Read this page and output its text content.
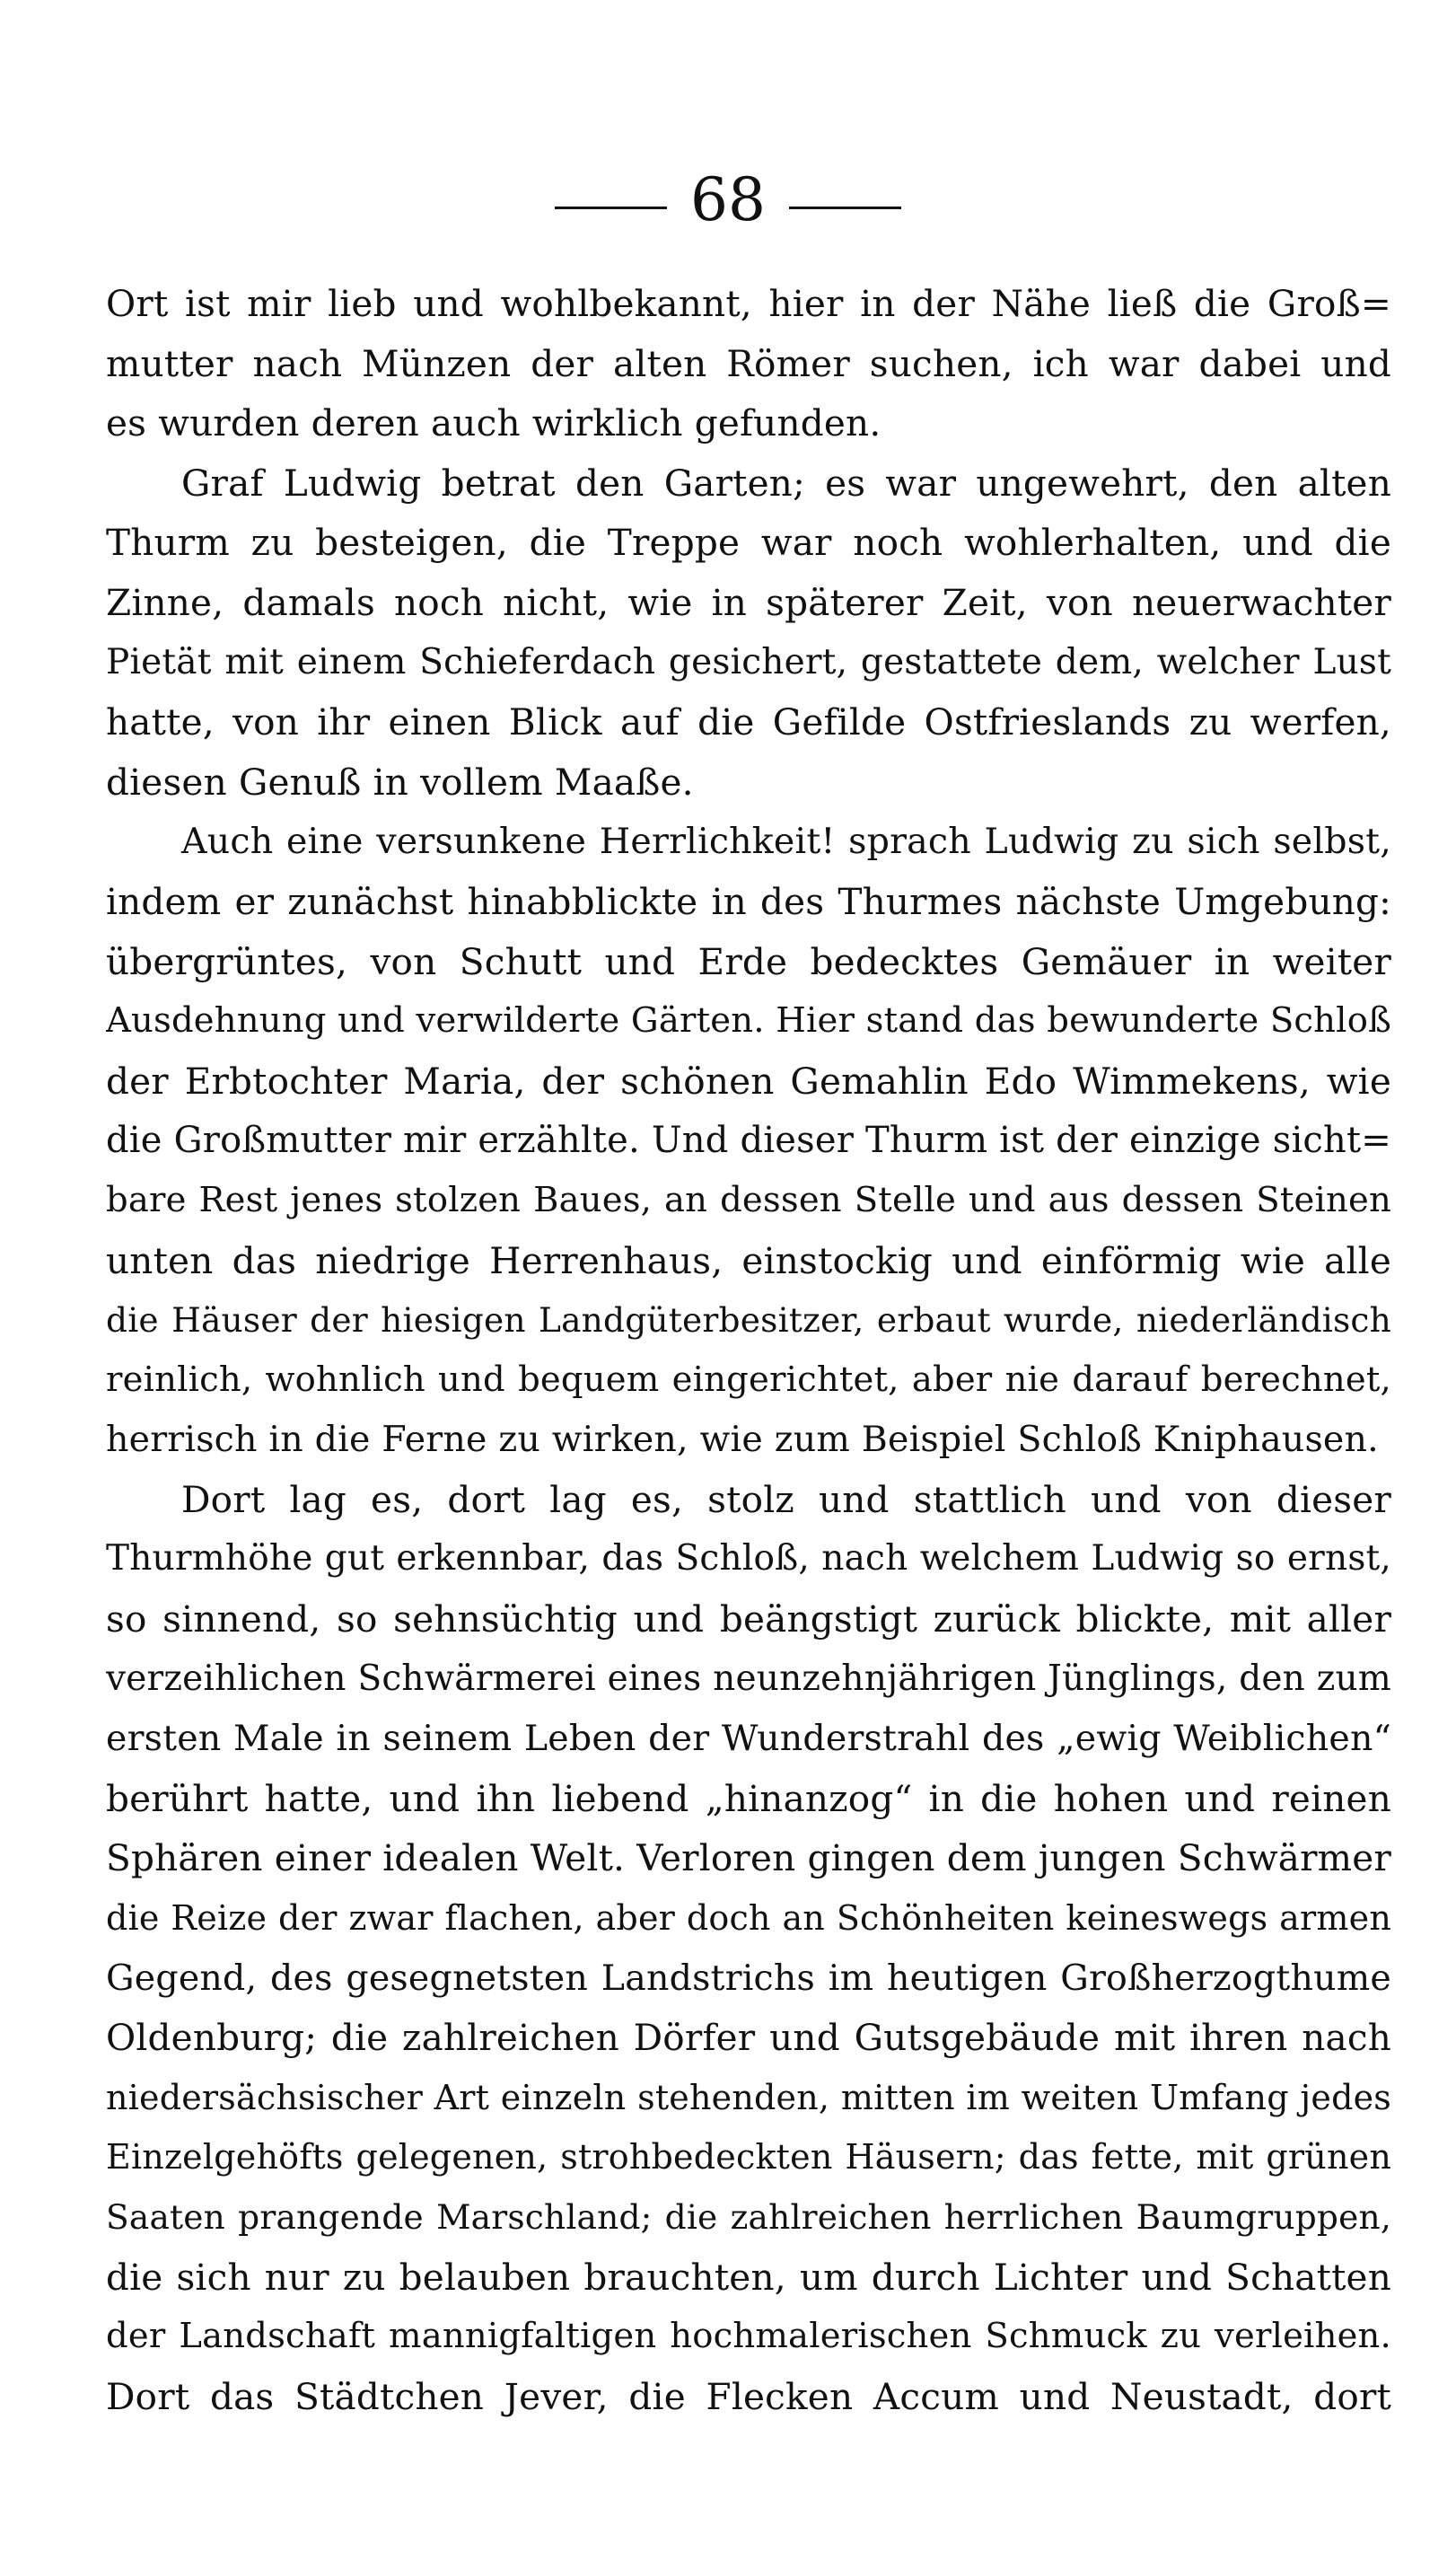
68
Ort ist mir lieb und wohlbekannt, hier in der Nähe ließ die Groß=
mutter nach Münzen der alten Römer suchen, ich war dabei und
es wurden deren auch wirklich gefunden.
Graf Ludwig betrat den Garten; es war ungewehrt, den alten
Thurm zu besteigen, die Treppe war noch wohlerhalten, und die
Zinne, damals noch nicht, wie in späterer Zeit, von neuerwachter
Pietät mit einem Schieferdach gesichert, gestattete dem, welcher Lust
hatte, von ihr einen Blick auf die Gefilde Ostfrieslands zu werfen,
diesen Genuß in vollem Maaße.
Auch eine versunkene Herrlichkeit! sprach Ludwig zu sich selbst,
indem er zunächst hinabblickte in des Thurmes nächste Umgebung:
übergrüntes, von Schutt und Erde bedecktes Gemäuer in weiter
Ausdehnung und verwilderte Gärten. Hier stand das bewunderte Schloß
der Erbtochter Maria, der schönen Gemahlin Edo Wimmekens, wie
die Großmutter mir erzählte. Und dieser Thurm ist der einzige sicht=
bare Rest jenes stolzen Baues, an dessen Stelle und aus dessen Steinen
unten das niedrige Herrenhaus, einstockig und einförmig wie alle
die Häuser der hiesigen Landgüterbesitzer, erbaut wurde, niederländisch
reinlich, wohnlich und bequem eingerichtet, aber nie darauf berechnet,
herrisch in die Ferne zu wirken, wie zum Beispiel Schloß Kniphausen.
Dort lag es, dort lag es, stolz und stattlich und von dieser
Thurmhöhe gut erkennbar, das Schloß, nach welchem Ludwig so ernst,
so sinnend, so sehnsüchtig und beängstigt zurück blickte, mit aller
verzeihlichen Schwärmerei eines neunzehnjährigen Jünglings, den zum
ersten Male in seinem Leben der Wunderstrahl des „ewig Weiblichen“
berührt hatte, und ihn liebend „hinanzog“ in die hohen und reinen
Sphären einer idealen Welt. Verloren gingen dem jungen Schwärmer
die Reize der zwar flachen, aber doch an Schönheiten keineswegs armen
Gegend, des gesegnetsten Landstrichs im heutigen Großherzogthume
Oldenburg; die zahlreichen Dörfer und Gutsgebäude mit ihren nach
niedersächsischer Art einzeln stehenden, mitten im weiten Umfang jedes
Einzelgehöfts gelegenen, strohbedeckten Häusern; das fette, mit grünen
Saaten prangende Marschland; die zahlreichen herrlichen Baumgruppen,
die sich nur zu belauben brauchten, um durch Lichter und Schatten
der Landschaft mannigfaltigen hochmalerischen Schmuck zu verleihen.
Dort das Städtchen Jever, die Flecken Accum und Neustadt, dort
